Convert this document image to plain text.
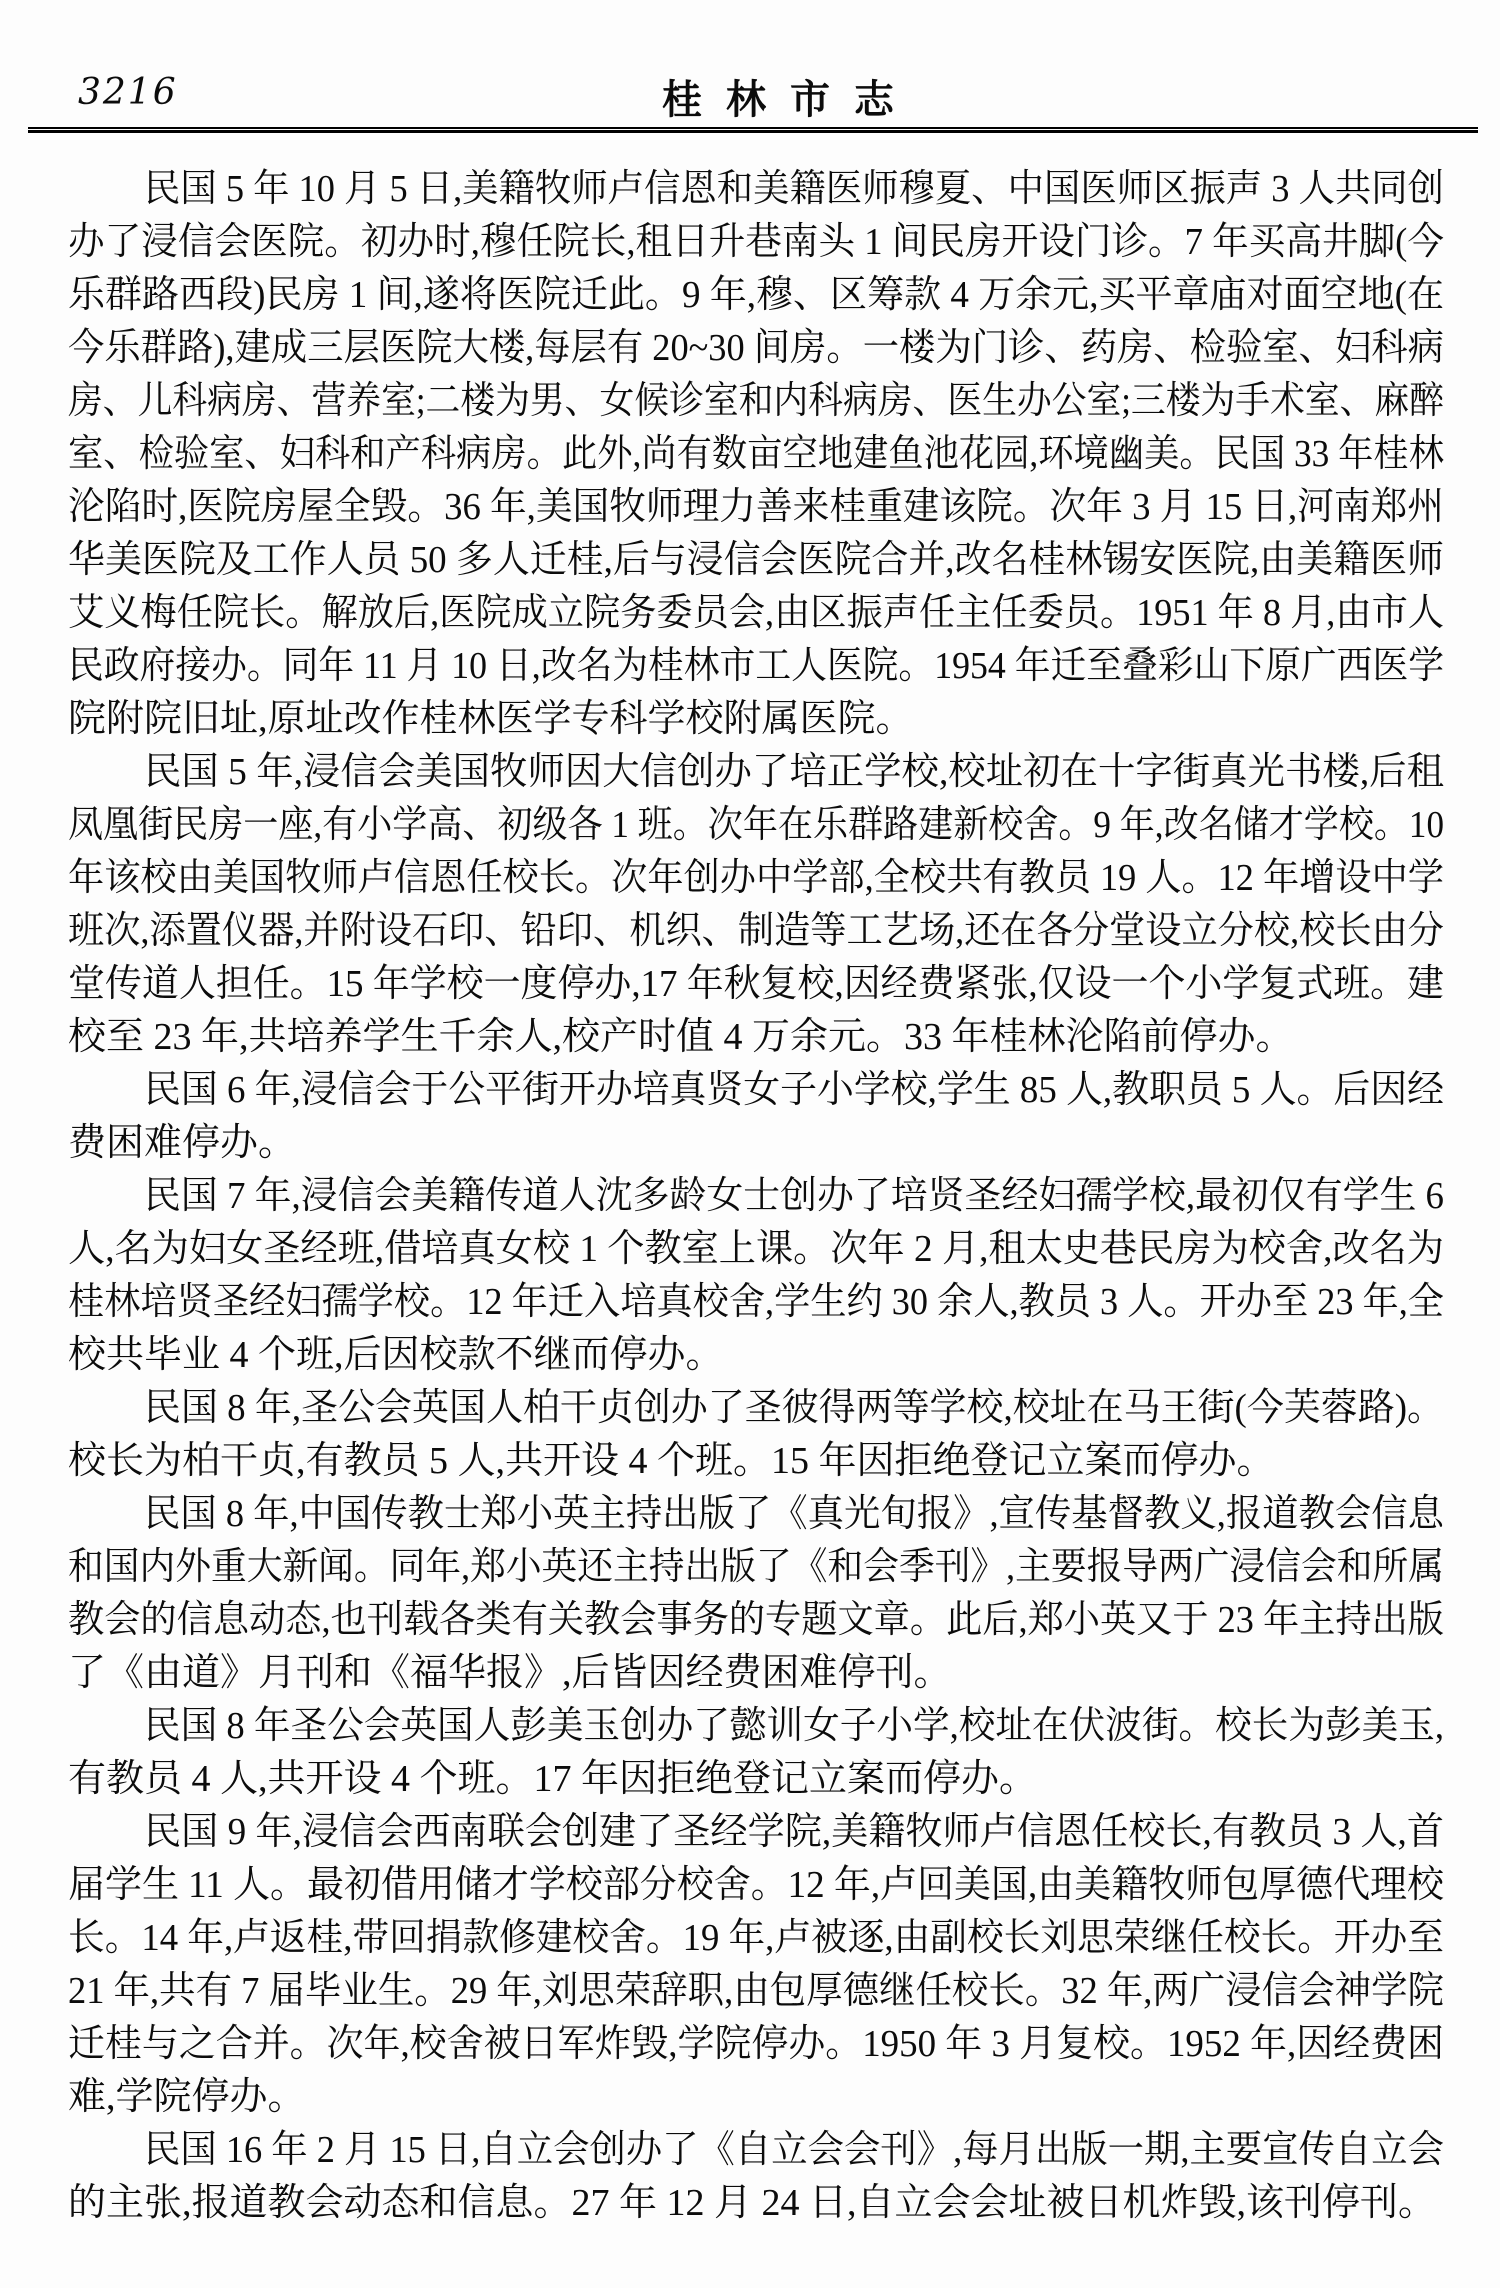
3216	桂林市志
民国 5 年 10 月 5 日,美籍牧师卢信恩和美籍医师穆夏、中国医师区振声 3 人共同创
办了浸信会医院。初办时,穆任院长,租日升巷南头 1 间民房开设门诊。7 年买高井脚(今
乐群路西段)民房 1 间,遂将医院迁此。9 年,穆、区筹款 4 万余元,买平章庙对面空地(在
今乐群路),建成三层医院大楼,每层有 20~30 间房。一楼为门诊、药房、检验室、妇科病
房、儿科病房、营养室;二楼为男、女候诊室和内科病房、医生办公室;三楼为手术室、麻醉
室、检验室、妇科和产科病房。此外,尚有数亩空地建鱼池花园,环境幽美。民国 33 年桂林
沦陷时,医院房屋全毁。36 年,美国牧师理力善来桂重建该院。次年 3 月 15 日,河南郑州
华美医院及工作人员 50 多人迁桂,后与浸信会医院合并,改名桂林锡安医院,由美籍医师
艾义梅任院长。解放后,医院成立院务委员会,由区振声任主任委员。1951 年 8 月,由市人
民政府接办。同年 11 月 10 日,改名为桂林市工人医院。1954 年迁至叠彩山下原广西医学
院附院旧址,原址改作桂林医学专科学校附属医院。
民国 5 年,浸信会美国牧师因大信创办了培正学校,校址初在十字街真光书楼,后租
凤凰街民房一座,有小学高、初级各 1 班。次年在乐群路建新校舍。9 年,改名储才学校。10
年该校由美国牧师卢信恩任校长。次年创办中学部,全校共有教员 19 人。12 年增设中学
班次,添置仪器,并附设石印、铅印、机织、制造等工艺场,还在各分堂设立分校,校长由分
堂传道人担任。15 年学校一度停办,17 年秋复校,因经费紧张,仅设一个小学复式班。建
校至 23 年,共培养学生千余人,校产时值 4 万余元。33 年桂林沦陷前停办。
民国 6 年,浸信会于公平街开办培真贤女子小学校,学生 85 人,教职员 5 人。后因经
费困难停办。
民国 7 年,浸信会美籍传道人沈多龄女士创办了培贤圣经妇孺学校,最初仅有学生 6
人,名为妇女圣经班,借培真女校 1 个教室上课。次年 2 月,租太史巷民房为校舍,改名为
桂林培贤圣经妇孺学校。12 年迁入培真校舍,学生约 30 余人,教员 3 人。开办至 23 年,全
校共毕业 4 个班,后因校款不继而停办。
民国 8 年,圣公会英国人柏干贞创办了圣彼得两等学校,校址在马王街(今芙蓉路)。
校长为柏干贞,有教员 5 人,共开设 4 个班。15 年因拒绝登记立案而停办。
民国 8 年,中国传教士郑小英主持出版了《真光旬报》,宣传基督教义,报道教会信息
和国内外重大新闻。同年,郑小英还主持出版了《和会季刊》,主要报导两广浸信会和所属
教会的信息动态,也刊载各类有关教会事务的专题文章。此后,郑小英又于 23 年主持出版
了《由道》月刊和《福华报》,后皆因经费困难停刊。
民国 8 年圣公会英国人彭美玉创办了懿训女子小学,校址在伏波街。校长为彭美玉,
有教员 4 人,共开设 4 个班。17 年因拒绝登记立案而停办。
民国 9 年,浸信会西南联会创建了圣经学院,美籍牧师卢信恩任校长,有教员 3 人,首
届学生 11 人。最初借用储才学校部分校舍。12 年,卢回美国,由美籍牧师包厚德代理校
长。14 年,卢返桂,带回捐款修建校舍。19 年,卢被逐,由副校长刘思荣继任校长。开办至
21 年,共有 7 届毕业生。29 年,刘思荣辞职,由包厚德继任校长。32 年,两广浸信会神学院
迁桂与之合并。次年,校舍被日军炸毁,学院停办。1950 年 3 月复校。1952 年,因经费困
难,学院停办。
民国 16 年 2 月 15 日,自立会创办了《自立会会刊》,每月出版一期,主要宣传自立会
的主张,报道教会动态和信息。27 年 12 月 24 日,自立会会址被日机炸毁,该刊停刊。
